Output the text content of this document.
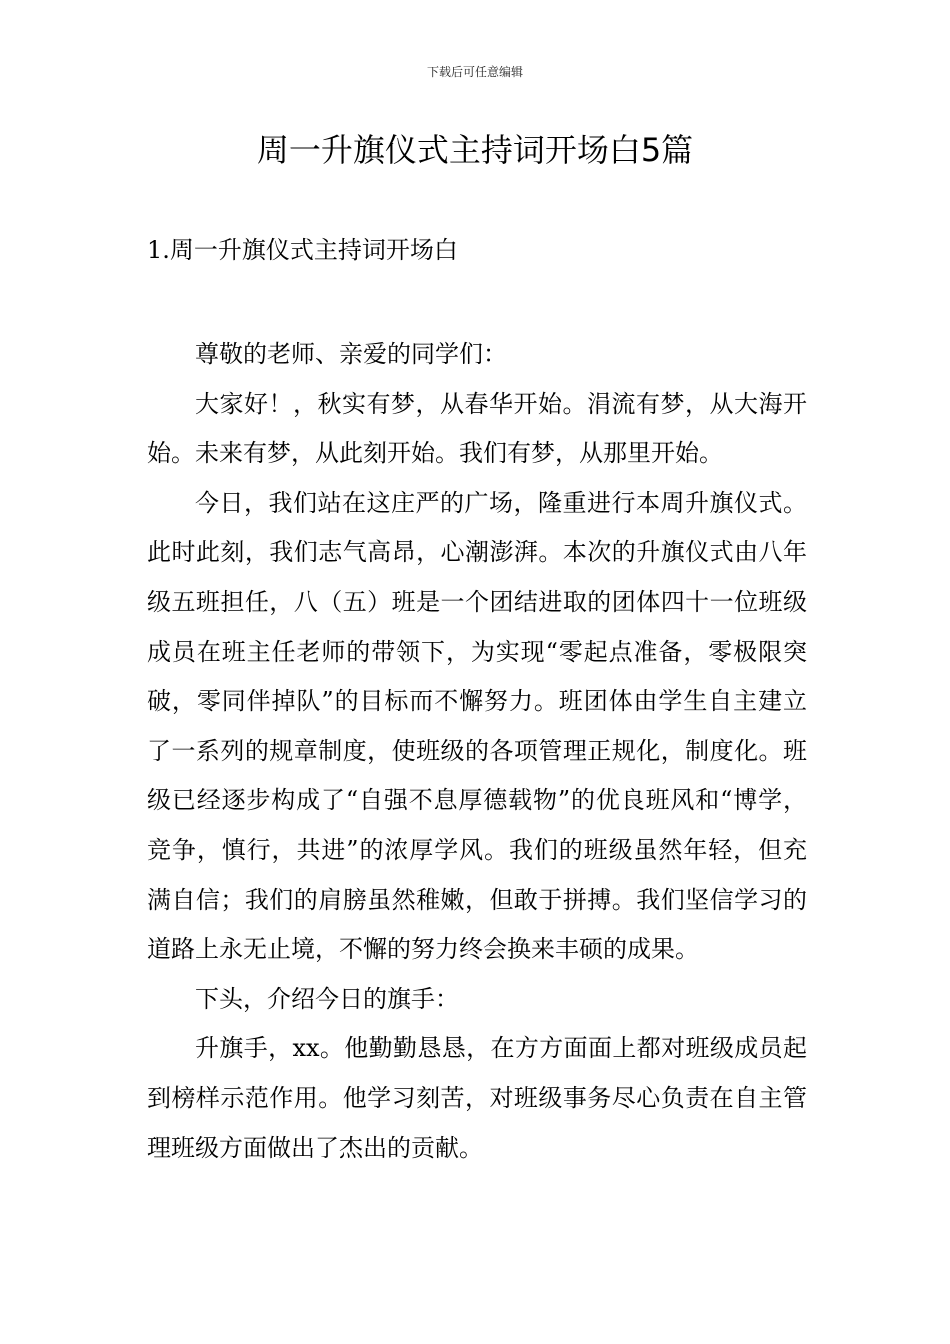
下载后可任意编辑
周一升旗仪式主持词开场白5篇
1.周一升旗仪式主持词开场白

尊敬的老师、亲爱的同学们：

大家好！，秋实有梦，从春华开始。涓流有梦，从大海开始。未来有梦，从此刻开始。我们有梦，从那里开始。

今日，我们站在这庄严的广场，隆重进行本周升旗仪式。此时此刻，我们志气高昂，心潮澎湃。本次的升旗仪式由八年级五班担任，八（五）班是一个团结进取的团体四十一位班级成员在班主任老师的带领下，为实现“零起点准备，零极限突破，零同伴掉队”的目标而不懈努力。班团体由学生自主建立了一系列的规章制度，使班级的各项管理正规化，制度化。班级已经逐步构成了“自强不息厚德载物”的优良班风和“博学，竞争，慎行，共进”的浓厚学风。我们的班级虽然年轻，但充满自信；我们的肩膀虽然稚嫩，但敢于拼搏。我们坚信学习的道路上永无止境，不懈的努力终会换来丰硕的成果。

下头，介绍今日的旗手：

升旗手，xx。他勤勤恳恳，在方方面面上都对班级成员起到榜样示范作用。他学习刻苦，对班级事务尽心负责在自主管理班级方面做出了杰出的贡献。
